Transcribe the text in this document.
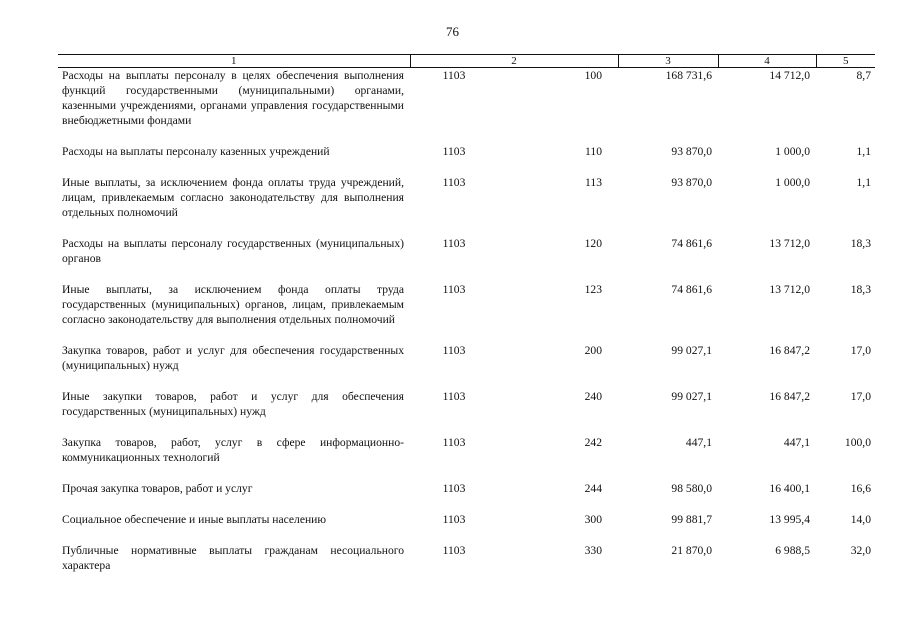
76
1	2		3	4	5
Расходы на выплаты персоналу в целях обеспечения выполнения функций государственными (муниципальными) органами, казенными учреждениями, органами управления государственными внебюджетными фондами	1103	100	168 731,6	14 712,0	8,7
Расходы на выплаты персоналу казенных учреждений	1103	110	93 870,0	1 000,0	1,1
Иные выплаты, за исключением фонда оплаты труда учреждений, лицам, привлекаемым согласно законодательству для выполнения отдельных полномочий	1103	113	93 870,0	1 000,0	1,1
Расходы на выплаты персоналу государственных (муниципальных) органов	1103	120	74 861,6	13 712,0	18,3
Иные выплаты, за исключением фонда оплаты труда государственных (муниципальных) органов, лицам, привлекаемым согласно законодательству для выполнения отдельных полномочий	1103	123	74 861,6	13 712,0	18,3
Закупка товаров, работ и услуг для обеспечения государственных (муниципальных) нужд	1103	200	99 027,1	16 847,2	17,0
Иные закупки товаров, работ и услуг для обеспечения государственных (муниципальных) нужд	1103	240	99 027,1	16 847,2	17,0
Закупка товаров, работ, услуг в сфере информационно-коммуникационных технологий	1103	242	447,1	447,1	100,0
Прочая закупка товаров, работ и услуг	1103	244	98 580,0	16 400,1	16,6
Социальное обеспечение и иные выплаты населению	1103	300	99 881,7	13 995,4	14,0
Публичные нормативные выплаты гражданам несоциального характера	1103	330	21 870,0	6 988,5	32,0
